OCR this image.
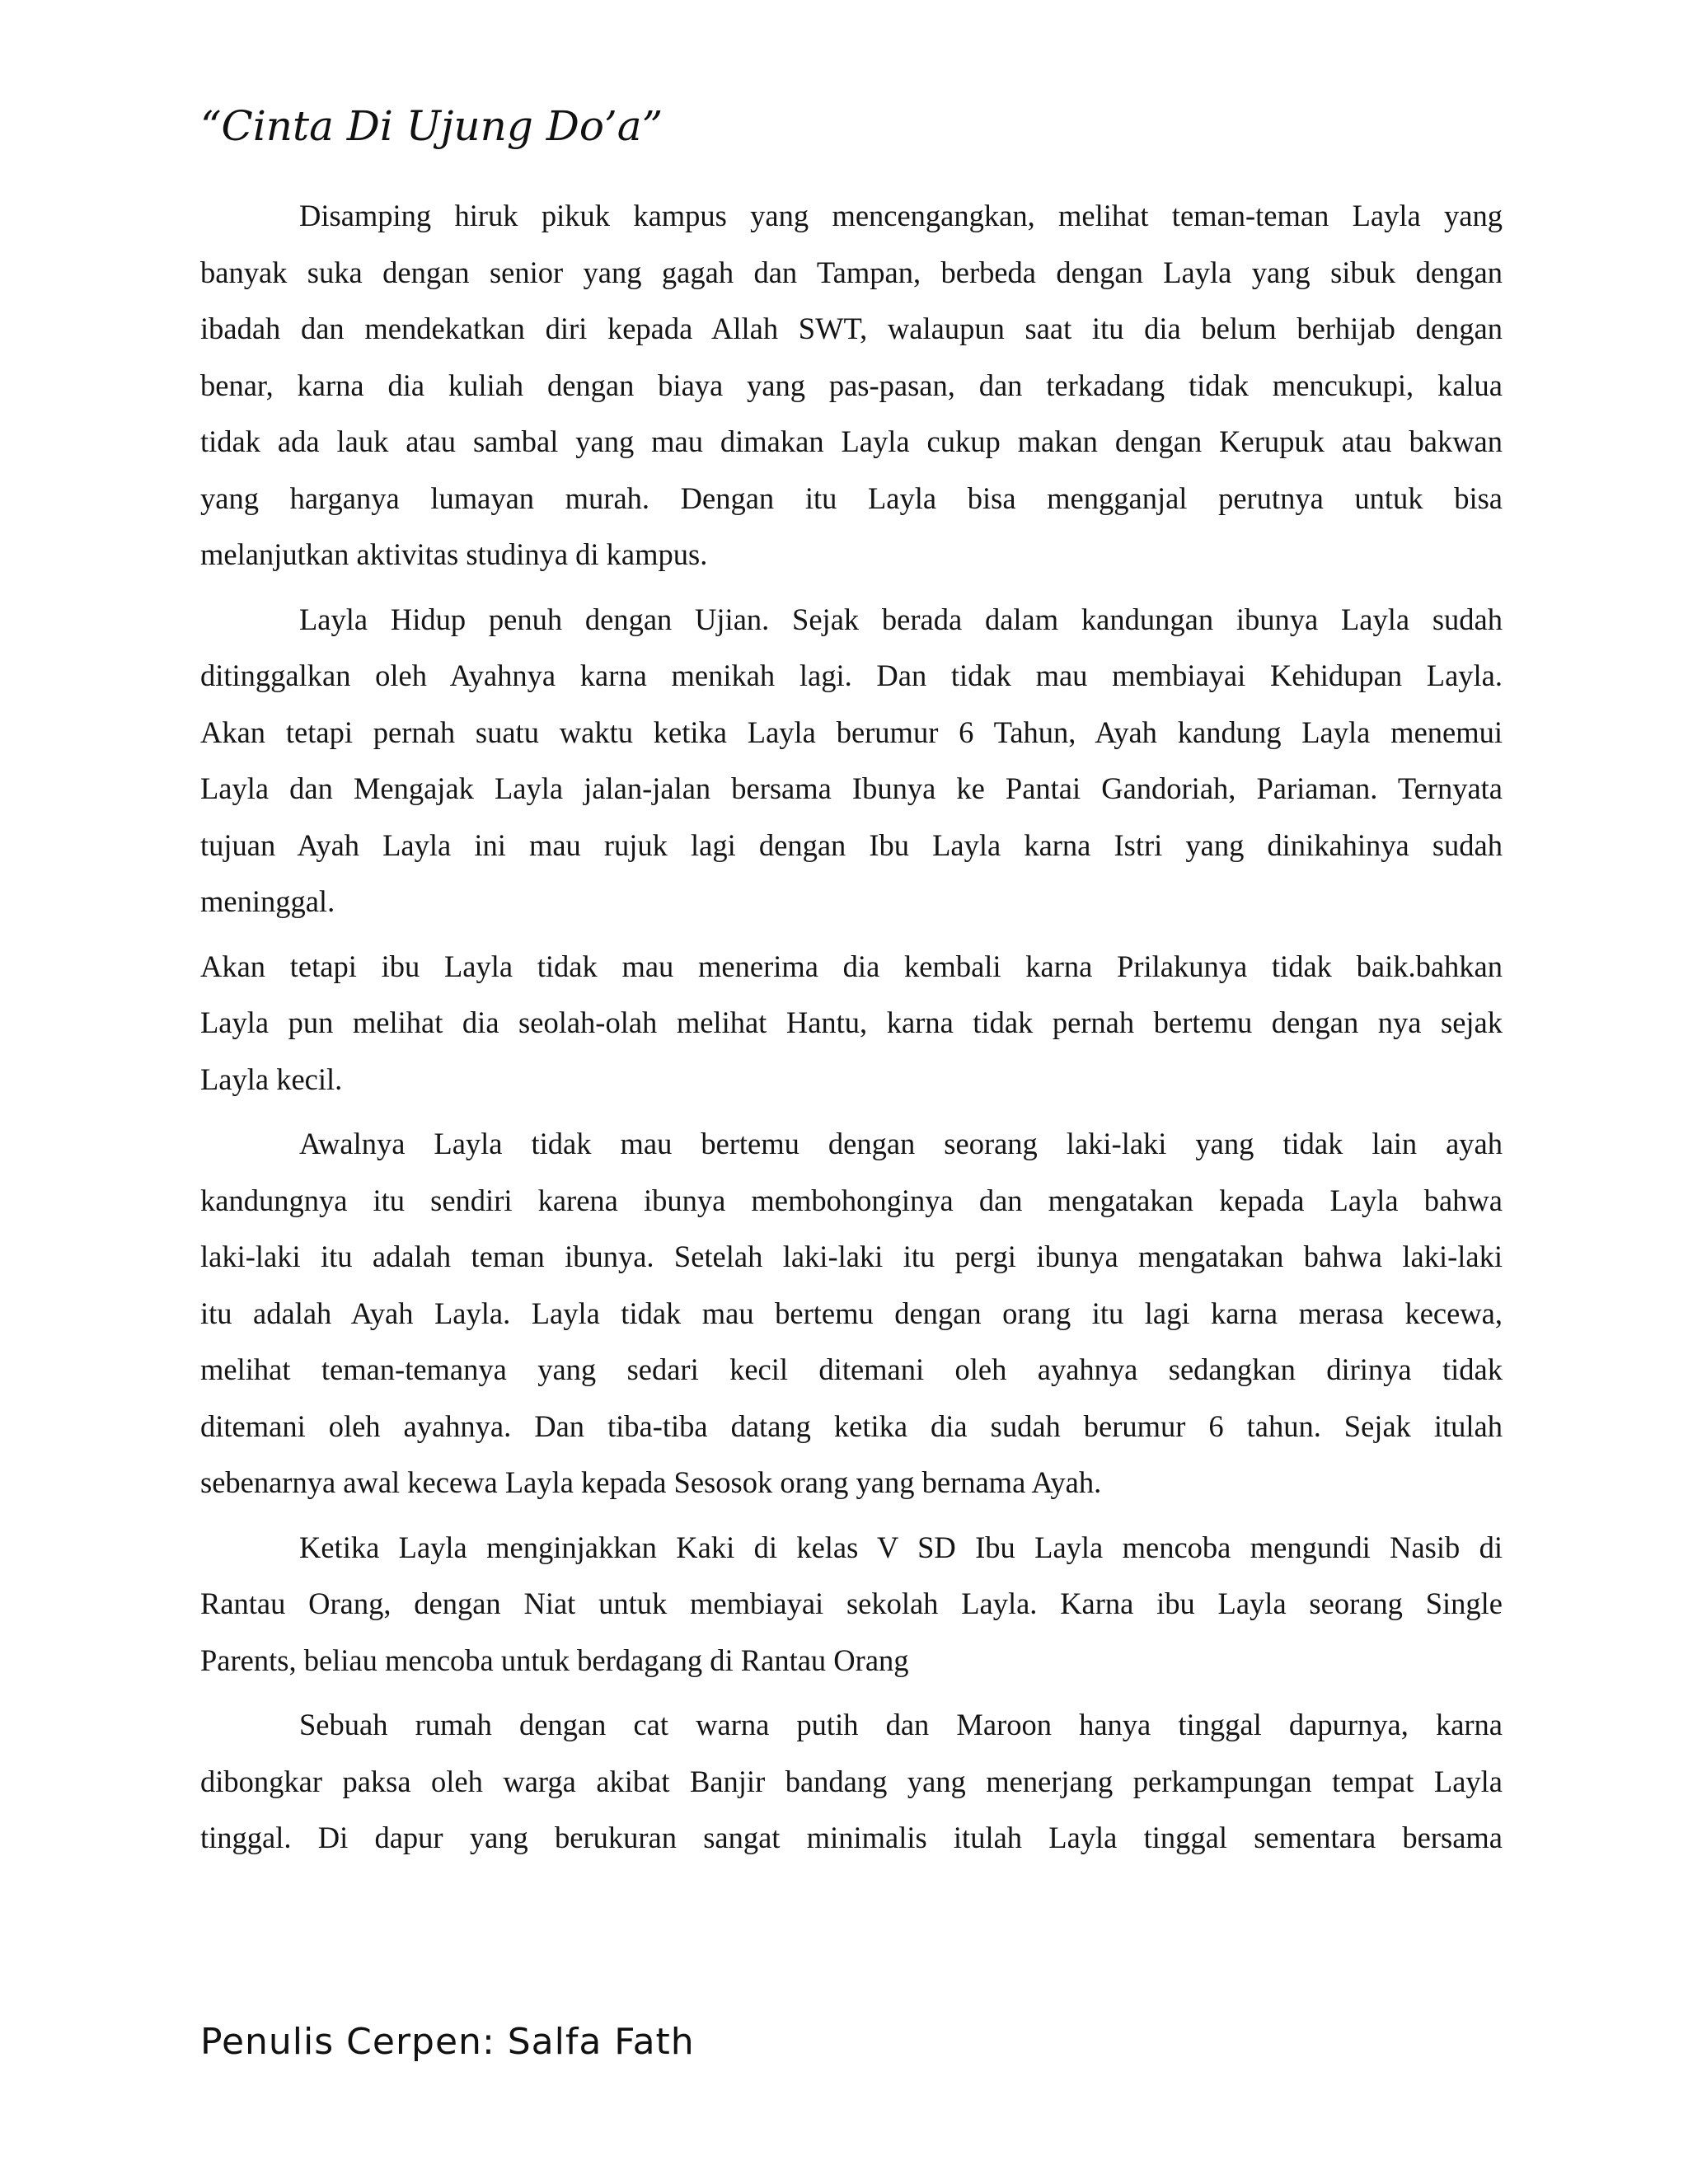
“Cinta Di Ujung Do’a”
Disamping hiruk pikuk kampus yang mencengangkan, melihat teman-teman Layla yang
banyak suka dengan senior yang gagah dan Tampan, berbeda dengan Layla yang sibuk dengan
ibadah dan mendekatkan diri kepada Allah SWT, walaupun saat itu dia belum berhijab dengan
benar, karna dia kuliah dengan biaya yang pas-pasan, dan terkadang tidak mencukupi, kalua
tidak ada lauk atau sambal yang mau dimakan Layla cukup makan dengan Kerupuk atau bakwan
yang harganya lumayan murah. Dengan itu Layla bisa mengganjal perutnya untuk bisa
melanjutkan aktivitas studinya di kampus.
Layla Hidup penuh dengan Ujian. Sejak berada dalam kandungan ibunya Layla sudah
ditinggalkan oleh Ayahnya karna menikah lagi. Dan tidak mau membiayai Kehidupan Layla.
Akan tetapi pernah suatu waktu ketika Layla berumur 6 Tahun, Ayah kandung Layla menemui
Layla dan Mengajak Layla jalan-jalan bersama Ibunya ke Pantai Gandoriah, Pariaman. Ternyata
tujuan Ayah Layla ini mau rujuk lagi dengan Ibu Layla karna Istri yang dinikahinya sudah
meninggal.
Akan tetapi ibu Layla tidak mau menerima dia kembali karna Prilakunya tidak baik.bahkan
Layla pun melihat dia seolah-olah melihat Hantu, karna tidak pernah bertemu dengan nya sejak
Layla kecil.
Awalnya Layla tidak mau bertemu dengan seorang laki-laki yang tidak lain ayah
kandungnya itu sendiri karena ibunya membohonginya dan mengatakan kepada Layla bahwa
laki-laki itu adalah teman ibunya. Setelah laki-laki itu pergi ibunya mengatakan bahwa laki-laki
itu adalah Ayah Layla. Layla tidak mau bertemu dengan orang itu lagi karna merasa kecewa,
melihat teman-temanya yang sedari kecil ditemani oleh ayahnya sedangkan dirinya tidak
ditemani oleh ayahnya. Dan tiba-tiba datang ketika dia sudah berumur 6 tahun. Sejak itulah
sebenarnya awal kecewa Layla kepada Sesosok orang yang bernama Ayah.
Ketika Layla menginjakkan Kaki di kelas V SD Ibu Layla mencoba mengundi Nasib di
Rantau Orang, dengan Niat untuk membiayai sekolah Layla. Karna ibu Layla seorang Single
Parents, beliau mencoba untuk berdagang di Rantau Orang
Sebuah rumah dengan cat warna putih dan Maroon hanya tinggal dapurnya, karna
dibongkar paksa oleh warga akibat Banjir bandang yang menerjang perkampungan tempat Layla
tinggal. Di dapur yang berukuran sangat minimalis itulah Layla tinggal sementara bersama
Penulis Cerpen: Salfa Fath
